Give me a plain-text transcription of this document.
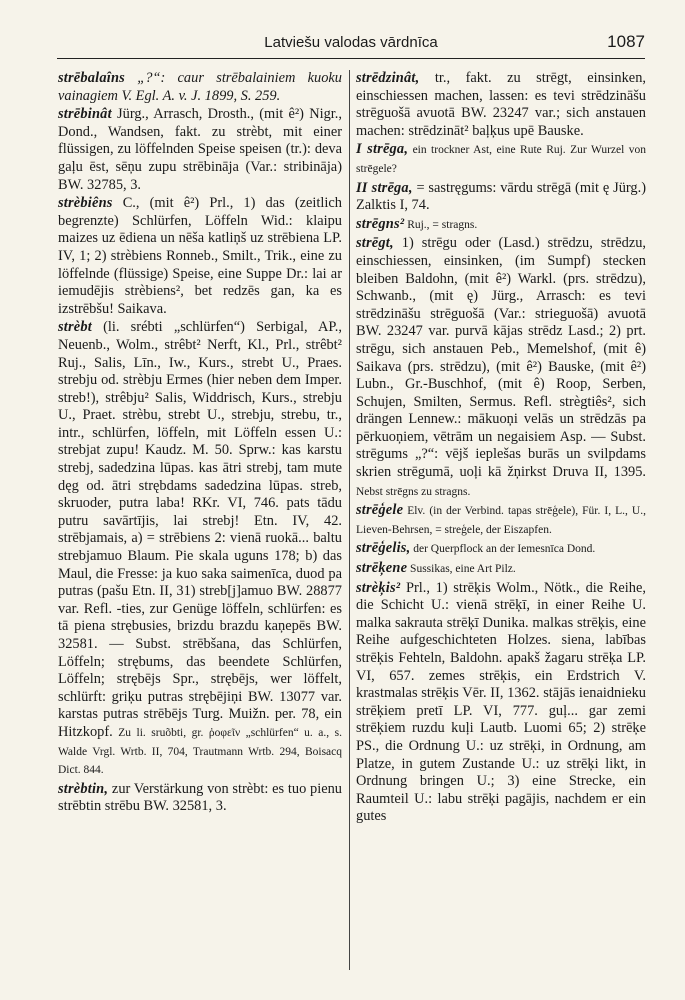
Latviešu valodas vārdnīca	1087

strēbalaîns „?“: caur strēbalainiem kuoku vainagiem V. Egl. A. v. J. 1899, S. 259.

strēbinât Jürg., Arrasch, Drosth., (mit ê²) Nigr., Dond., Wandsen, fakt. zu strèbt, mit einer flüssigen, zu löffelnden Speise speisen (tr.): deva gaļu ēst, sēņu zupu strēbināja (Var.: stribināja) BW. 32785, 3.

strèbiêns C., (mit ê²) Prl., 1) das (zeitlich begrenzte) Schlürfen, Löffeln Wid.: klaipu maizes uz ēdiena un nēša katliņš uz strēbiena LP. IV, 1; 2) strèbiens Ronneb., Smilt., Trik., eine zu löffelnde (flüssige) Speise, eine Suppe Dr.: lai ar iemudējis strèbiens², bet redzēs gan, ka es izstrēbšu! Saikava.

strèbt (li. srébti „schlürfen“) Serbigal, AP., Neuenb., Wolm., strêbt² Nerft, Kl., Prl., strêbt² Ruj., Salis, Līn., Iw., Kurs., strebt U., Praes. strebju od. strèbju Ermes (hier neben dem Imper. streb!), strêbju² Salis, Widdrisch, Kurs., strebju U., Praet. strèbu, strebt U., strebju, strebu, tr., intr., schlürfen, löffeln, mit Löffeln essen U.: strebjat zupu! Kaudz. M. 50. Sprw.: kas karstu strebj, sadedzina lūpas. kas ātri strebj, tam mute dęg od. ātri strębdams sadedzina lūpas. streb, skruoder, putra laba! RKr. VI, 746. pats tādu putru savārtījis, lai strebj! Etn. IV, 42. strēbjamais, a) = strēbiens 2: vienā ruokā... baltu strebjamuo Blaum. Pie skala uguns 178; b) das Maul, die Fresse: ja kuo saka saimenīca, duod pa putras (pašu Etn. II, 31) streb[j]amuo BW. 28877 var. Refl. -ties, zur Genüge löffeln, schlürfen: es tā piena strębusies, brizdu brazdu kaņepēs BW. 32581. — Subst. strēbšana, das Schlürfen, Löffeln; strębums, das beendete Schlürfen, Löffeln; strębējs Spr., strębējs, wer löffelt, schlürft: griķu putras strębējiņi BW. 13077 var. karstas putras strēbējs Turg. Muižn. per. 78, ein Hitzkopf. Zu li. sruõbti, gr. ῥοφεῖν „schlürfen“ u. a., s. Walde Vrgl. Wrtb. II, 704, Trautmann Wrtb. 294, Boisacq Dict. 844.

strèbtin, zur Verstärkung von strèbt: es tuo pienu strēbtin strēbu BW. 32581, 3.

strēdzinât, tr., fakt. zu strēgt, einsinken, einschiessen machen, lassen: es tevi strēdzināšu strēguošā avuotā BW. 23247 var.; sich anstauen machen: strēdzināt² baļķus upē Bauske.

I strēga, ein trockner Ast, eine Rute Ruj. Zur Wurzel von strēgele?

II strēga, = sastręgums: vārdu strēgā (mit ę Jürg.) Zalktis I, 74.

strēgns² Ruj., = stragns.

strēgt, 1) strēgu oder (Lasd.) strēdzu, strēdzu, einschiessen, einsinken, (im Sumpf) stecken bleiben Baldohn, (mit ê²) Warkl. (prs. strēdzu), Schwanb., (mit ę) Jürg., Arrasch: es tevi strēdzināšu strēguošā (Var.: strieguošā) avuotā BW. 23247 var. purvā kājas strēdz Lasd.; 2) prt. strēgu, sich anstauen Peb., Memelshof, (mit ê) Saikava (prs. strēdzu), (mit ê²) Bauske, (mit ê²) Lubn., Gr.-Buschhof, (mit ê) Roop, Serben, Schujen, Smilten, Sermus. Refl. strègtiês², sich drängen Lennew.: mākuoņi velās un strēdzās pa pērkuoņiem, vētrām un negaisiem Asp. — Subst. strēgums „?“: vējš ieplešas burās un svilpdams skrien strēgumā, uoļi kā žņirkst Druva II, 1395. Nebst strēgns zu stragns.

strēģele Elv. (in der Verbind. tapas strēģele), Für. I, L., U., Lieven-Behrsen, = streģele, der Eiszapfen.

strēģelis, der Querpflock an der Iemesnīca Dond.

strēķene Sussikas, eine Art Pilz.

strèķis² Prl., 1) strēķis Wolm., Nötk., die Reihe, die Schicht U.: vienā strēķī, in einer Reihe U. malka sakrauta strēķī Dunika. malkas strēķis, eine Reihe aufgeschichteten Holzes. siena, labības strēķis Fehteln, Baldohn. apakš žagaru strēķa LP. VI, 657. zemes strēķis, ein Erdstrich V. krastmalas strēķis Vēr. II, 1362. stājās ienaidnieku strēķiem pretī LP. VI, 777. guļ... gar zemi strēķiem ruzdu kuļi Lautb. Luomi 65; 2) strēķe PS., die Ordnung U.: uz strēķi, in Ordnung, am Platze, in gutem Zustande U.: uz strēķi likt, in Ordnung bringen U.; 3) eine Strecke, ein Raumteil U.: labu strēķi pagājis, nachdem er ein gutes
